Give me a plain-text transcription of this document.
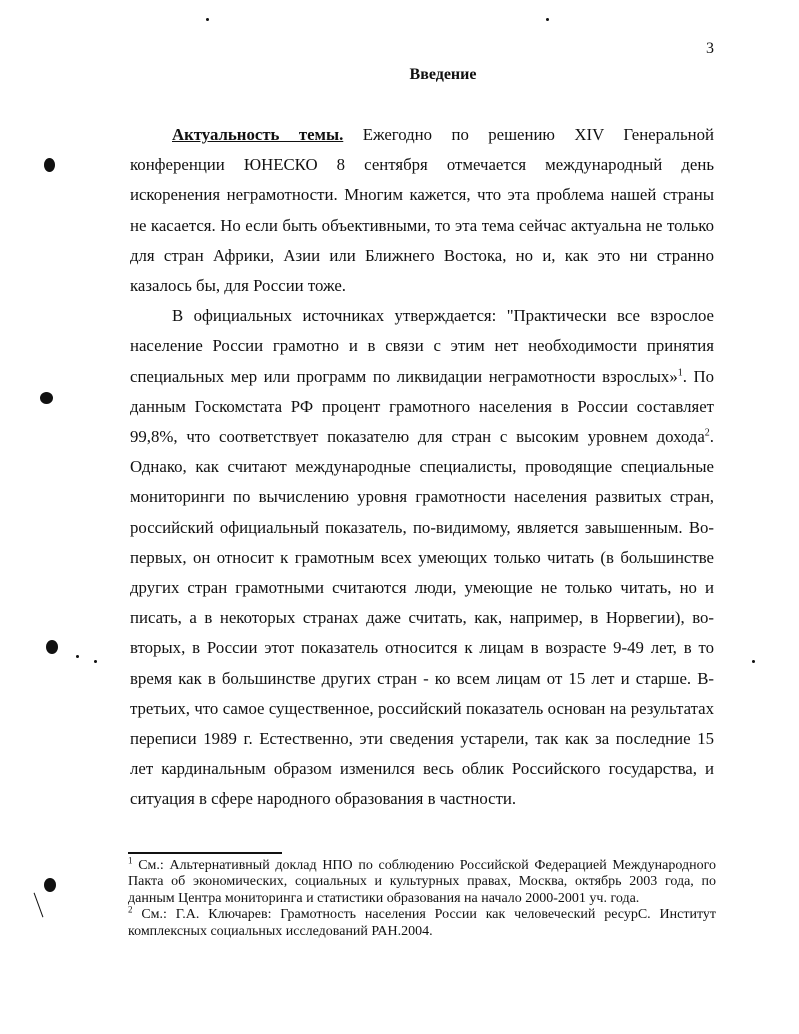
3
Введение

Актуальность темы. Ежегодно по решению XIV Генеральной конференции ЮНЕСКО 8 сентября отмечается международный день искоренения неграмотности. Многим кажется, что эта проблема нашей страны не касается. Но если быть объективными, то эта тема сейчас актуальна не только для стран Африки, Азии или Ближнего Востока, но и, как это ни странно казалось бы, для России тоже.

В официальных источниках утверждается: "Практически все взрослое население России грамотно и в связи с этим нет необходимости принятия специальных мер или программ по ликвидации неграмотности взрослых»$^1$. По данным Госкомстата РФ процент грамотного населения в России составляет 99,8%, что соответствует показателю для стран с высоким уровнем дохода$^2$. Однако, как считают международные специалисты, проводящие специальные мониторинги по вычислению уровня грамотности населения развитых стран, российский официальный показатель, по-видимому, является завышенным. Во-первых, он относит к грамотным всех умеющих только читать (в большинстве других стран грамотными считаются люди, умеющие не только читать, но и писать, а в некоторых странах даже считать, как, например, в Норвегии), во-вторых, в России этот показатель относится к лицам в возрасте 9-49 лет, в то время как в большинстве других стран - ко всем лицам от 15 лет и старше. В-третьих, что самое существенное, российский показатель основан на результатах переписи 1989 г. Естественно, эти сведения устарели, так как за последние 15 лет кардинальным образом изменился весь облик Российского государства, и ситуация в сфере народного образования в частности.

$^1$ См.: Альтернативный доклад НПО по соблюдению Российской Федерацией Международного Пакта об экономических, социальных и культурных правах, Москва, октябрь 2003 года, по данным Центра мониторинга и статистики образования на начало 2000-2001 уч. года.

$^2$ См.: Г.А. Ключарев: Грамотность населения России как человеческий ресурС. Институт комплексных социальных исследований РАН.2004.
